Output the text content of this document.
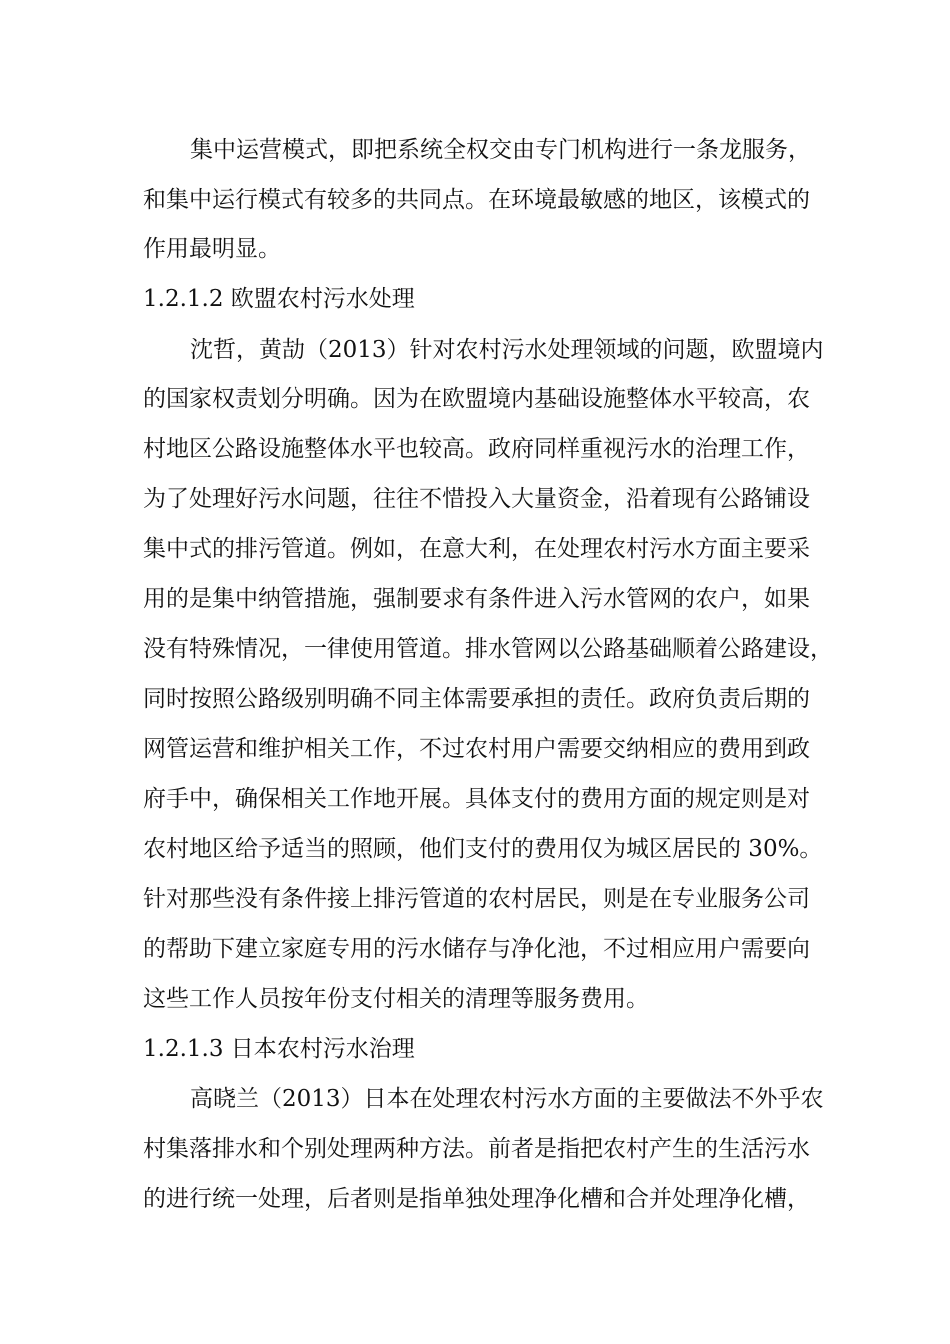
集中运营模式，即把系统全权交由专门机构进行一条龙服务，
和集中运行模式有较多的共同点。在环境最敏感的地区，该模式的
作用最明显。
1.2.1.2 欧盟农村污水处理
沈哲，黄劼（2013）针对农村污水处理领域的问题，欧盟境内
的国家权责划分明确。因为在欧盟境内基础设施整体水平较高，农
村地区公路设施整体水平也较高。政府同样重视污水的治理工作，
为了处理好污水问题，往往不惜投入大量资金，沿着现有公路铺设
集中式的排污管道。例如，在意大利，在处理农村污水方面主要采
用的是集中纳管措施，强制要求有条件进入污水管网的农户，如果
没有特殊情况，一律使用管道。排水管网以公路基础顺着公路建设，
同时按照公路级别明确不同主体需要承担的责任。政府负责后期的
网管运营和维护相关工作，不过农村用户需要交纳相应的费用到政
府手中，确保相关工作地开展。具体支付的费用方面的规定则是对
农村地区给予适当的照顾，他们支付的费用仅为城区居民的 30%。
针对那些没有条件接上排污管道的农村居民，则是在专业服务公司
的帮助下建立家庭专用的污水储存与净化池，不过相应用户需要向
这些工作人员按年份支付相关的清理等服务费用。
1.2.1.3 日本农村污水治理
高晓兰（2013）日本在处理农村污水方面的主要做法不外乎农
村集落排水和个别处理两种方法。前者是指把农村产生的生活污水
的进行统一处理，后者则是指单独处理净化槽和合并处理净化槽，
